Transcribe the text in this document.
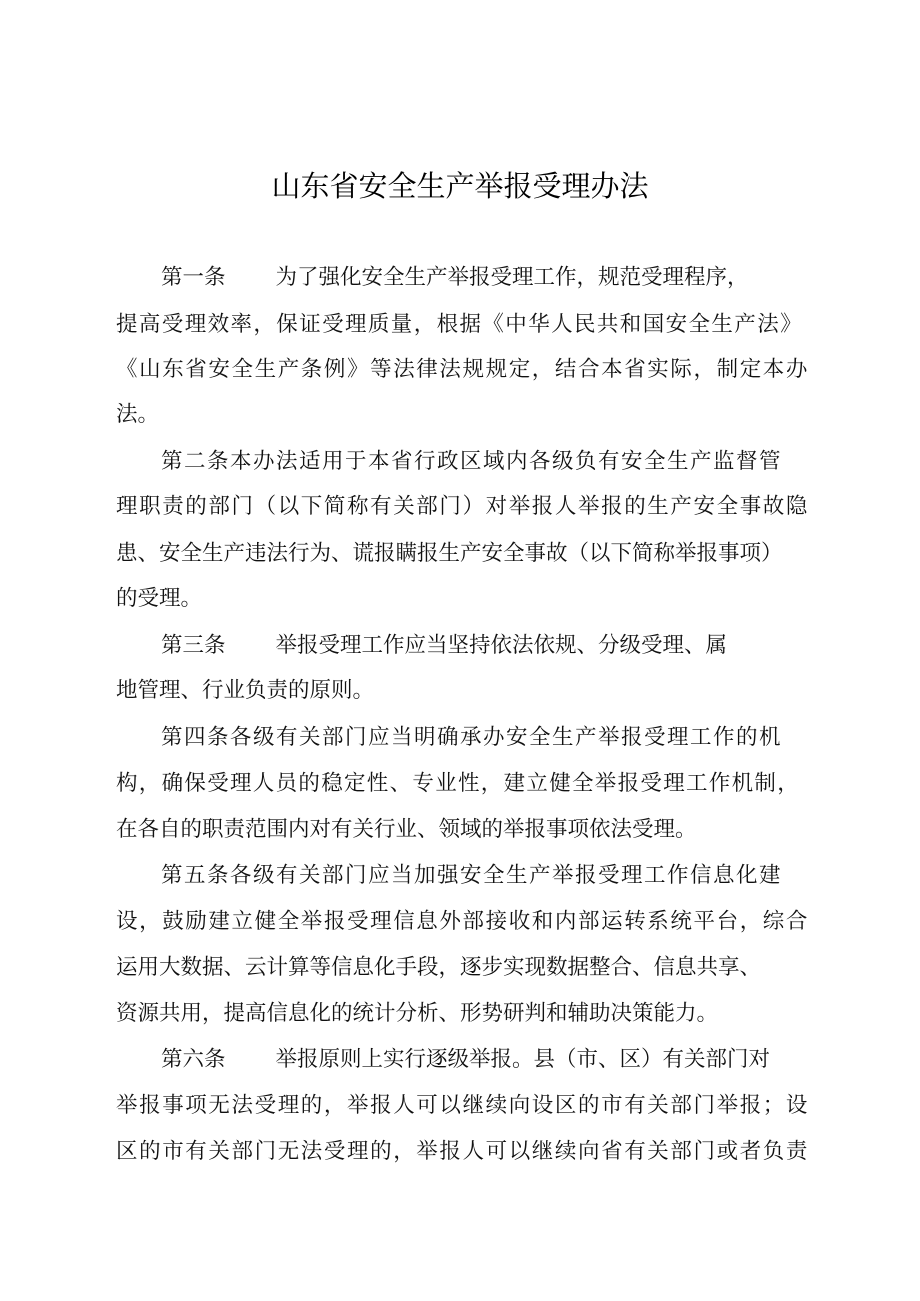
山东省安全生产举报受理办法
第一条 为了强化安全生产举报受理工作，规范受理程序，
提高受理效率，保证受理质量，根据《中华人民共和国安全生产法》
《山东省安全生产条例》等法律法规规定，结合本省实际，制定本办
法。
第二条本办法适用于本省行政区域内各级负有安全生产监督管
理职责的部门（以下简称有关部门）对举报人举报的生产安全事故隐
患、安全生产违法行为、谎报瞒报生产安全事故（以下简称举报事项）
的受理。
第三条 举报受理工作应当坚持依法依规、分级受理、属
地管理、行业负责的原则。
第四条各级有关部门应当明确承办安全生产举报受理工作的机
构，确保受理人员的稳定性、专业性，建立健全举报受理工作机制，
在各自的职责范围内对有关行业、领域的举报事项依法受理。
第五条各级有关部门应当加强安全生产举报受理工作信息化建
设，鼓励建立健全举报受理信息外部接收和内部运转系统平台，综合
运用大数据、云计算等信息化手段，逐步实现数据整合、信息共享、
资源共用，提高信息化的统计分析、形势研判和辅助决策能力。
第六条 举报原则上实行逐级举报。县（市、区）有关部门对
举报事项无法受理的，举报人可以继续向设区的市有关部门举报；设
区的市有关部门无法受理的，举报人可以继续向省有关部门或者负责
